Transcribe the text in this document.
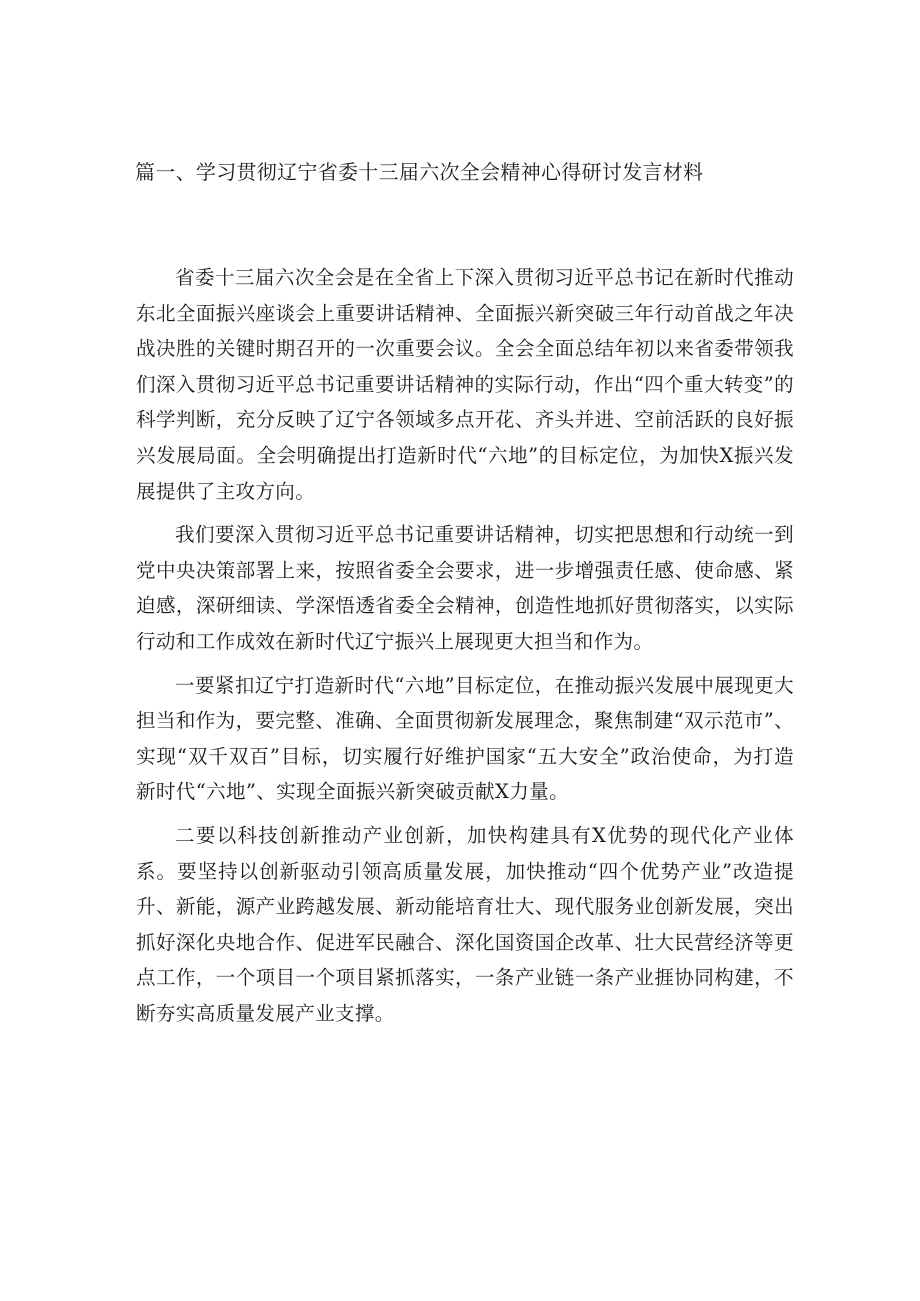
篇一、学习贯彻辽宁省委十三届六次全会精神心得研讨发言材料

省委十三届六次全会是在全省上下深入贯彻习近平总书记在新时代推动东北全面振兴座谈会上重要讲话精神、全面振兴新突破三年行动首战之年决战决胜的关键时期召开的一次重要会议。全会全面总结年初以来省委带领我们深入贯彻习近平总书记重要讲话精神的实际行动，作出“四个重大转变”的科学判断，充分反映了辽宁各领域多点开花、齐头并进、空前活跃的良好振兴发展局面。全会明确提出打造新时代“六地”的目标定位，为加快X振兴发展提供了主攻方向。

我们要深入贯彻习近平总书记重要讲话精神，切实把思想和行动统一到党中央决策部署上来，按照省委全会要求，进一步增强责任感、使命感、紧迫感，深研细读、学深悟透省委全会精神，创造性地抓好贯彻落实，以实际行动和工作成效在新时代辽宁振兴上展现更大担当和作为。

一要紧扣辽宁打造新时代“六地”目标定位，在推动振兴发展中展现更大担当和作为，要完整、准确、全面贯彻新发展理念，聚焦制建“双示范市”、实现“双千双百”目标，切实履行好维护国家“五大安全”政治使命，为打造新时代“六地”、实现全面振兴新突破贡献X力量。

二要以科技创新推动产业创新，加快构建具有X优势的现代化产业体系。要坚持以创新驱动引领高质量发展，加快推动“四个优势产业”改造提升、新能，源产业跨越发展、新动能培育壮大、现代服务业创新发展，突出抓好深化央地合作、促进军民融合、深化国资国企改革、壮大民营经济等更点工作，一个项目一个项目紧抓落实，一条产业链一条产业捱协同构建，不断夯实高质量发展产业支撑。
